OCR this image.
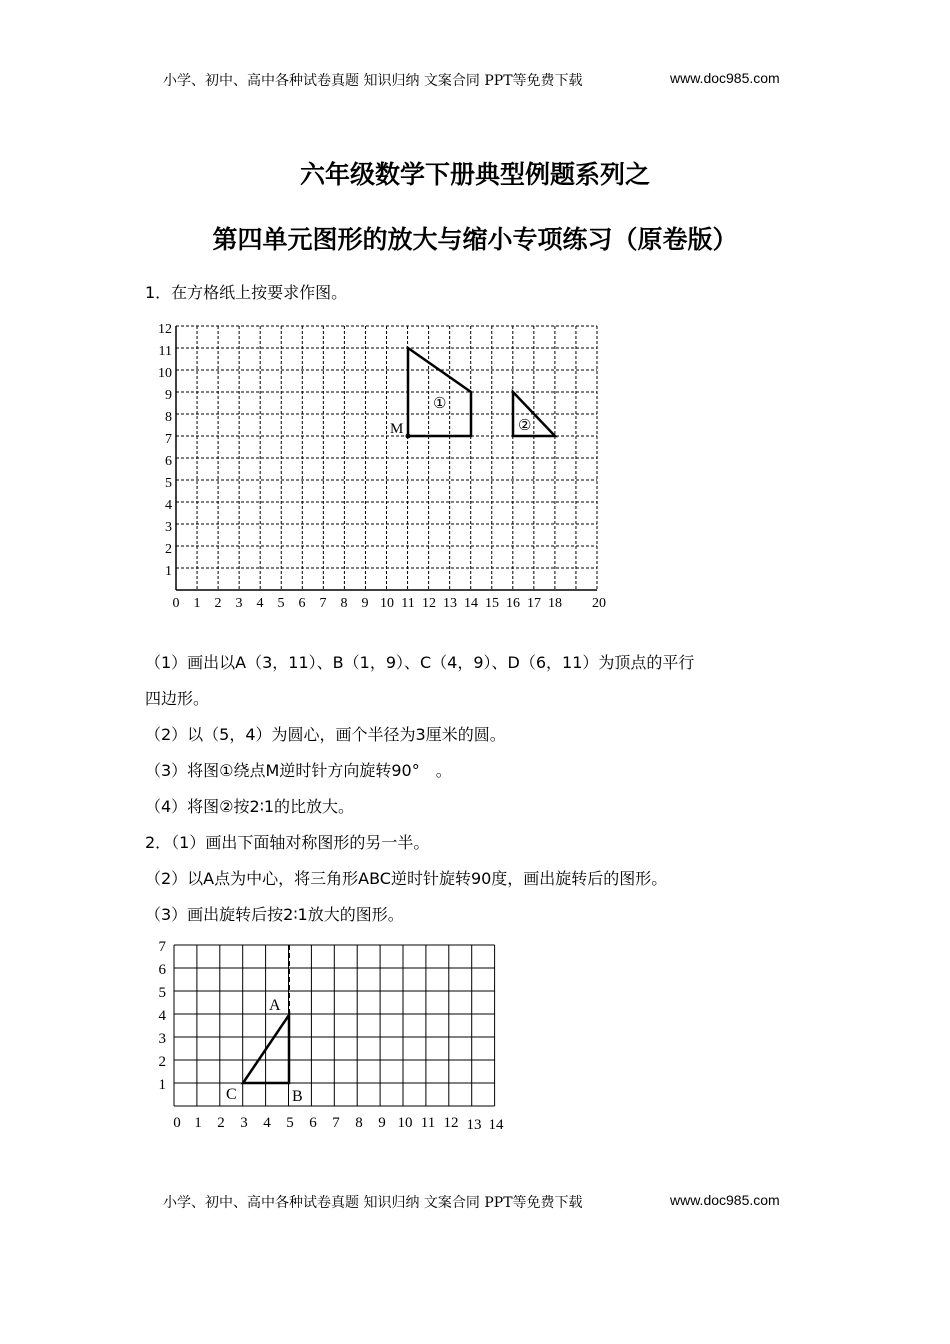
小学、初中、高中各种试卷真题 知识归纳 文案合同 PPT等免费下载	www.doc985.com
六年级数学下册典型例题系列之
第四单元图形的放大与缩小专项练习（原卷版）
1．在方格纸上按要求作图。
0 1 2 3 4 5 6 7 8 9 10 11 12 13 14 15 16 17 18 20
1
2
3
4
5
6
7
8
9
10
11
12
M
①
②
（1）画出以A（3，11）、B（1，9）、C（4，9）、D（6，11）为顶点的平行
四边形。
（2）以（5，4）为圆心，画个半径为3厘米的圆。
（3）将图①绕点M逆时针方向旋转90°　。
（4）将图②按2∶1的比放大。
2．（1）画出下面轴对称图形的另一半。
（2）以A点为中心，将三角形ABC逆时针旋转90度，画出旋转后的图形。
（3）画出旋转后按2∶1放大的图形。
A
B
C
0 1 2 3 4 5 6 7 8 9 10 11 12 13 14
1
2
3
4
5
6
7
小学、初中、高中各种试卷真题 知识归纳 文案合同 PPT等免费下载	www.doc985.com
